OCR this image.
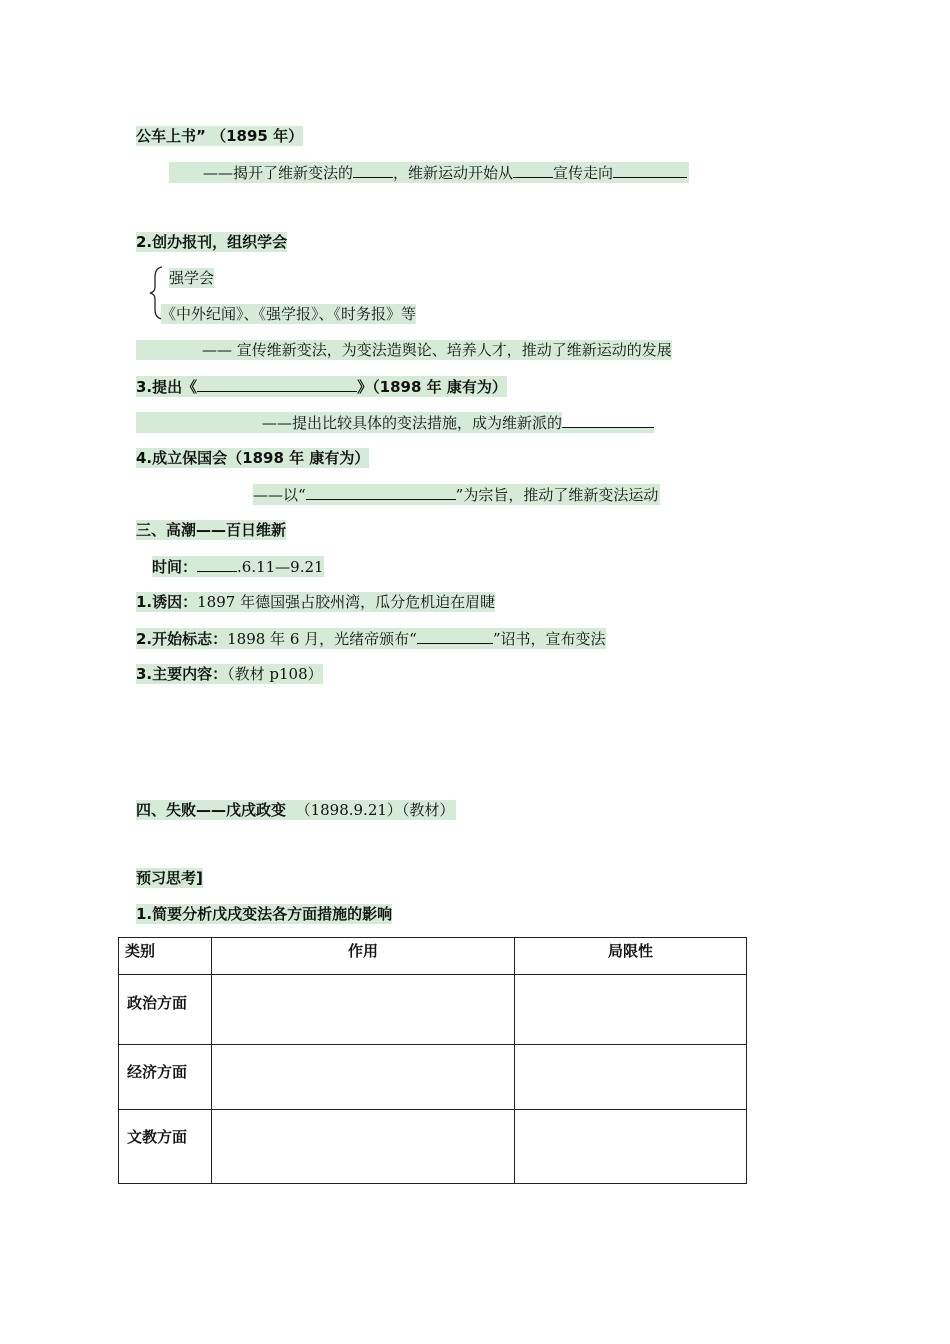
公车上书” （1895 年）
——揭开了维新变法的	，维新运动开始从	宣传走向
2.创办报刊，组织学会
强学会
《中外纪闻》、《强学报》、《时务报》等
—— 宣传维新变法，为变法造舆论、培养人才，推动了维新运动的发展
3.提出《	》（1898 年 康有为）
——提出比较具体的变法措施，成为维新派的
4.成立保国会（1898 年 康有为）
——以“	”为宗旨，推动了维新变法运动
三、高潮——百日维新
时间：	.6.11—9.21
1.诱因：1897 年德国强占胶州湾，瓜分危机迫在眉睫
2.开始标志：1898 年 6 月，光绪帝颁布“	”诏书，宣布变法
3.主要内容：（教材 p108）
四、失败——戊戌政变 （1898.9.21）（教材）
预习思考]
1.简要分析戊戌变法各方面措施的影响
类别	作用	局限性
政治方面		
经济方面		
文教方面		
